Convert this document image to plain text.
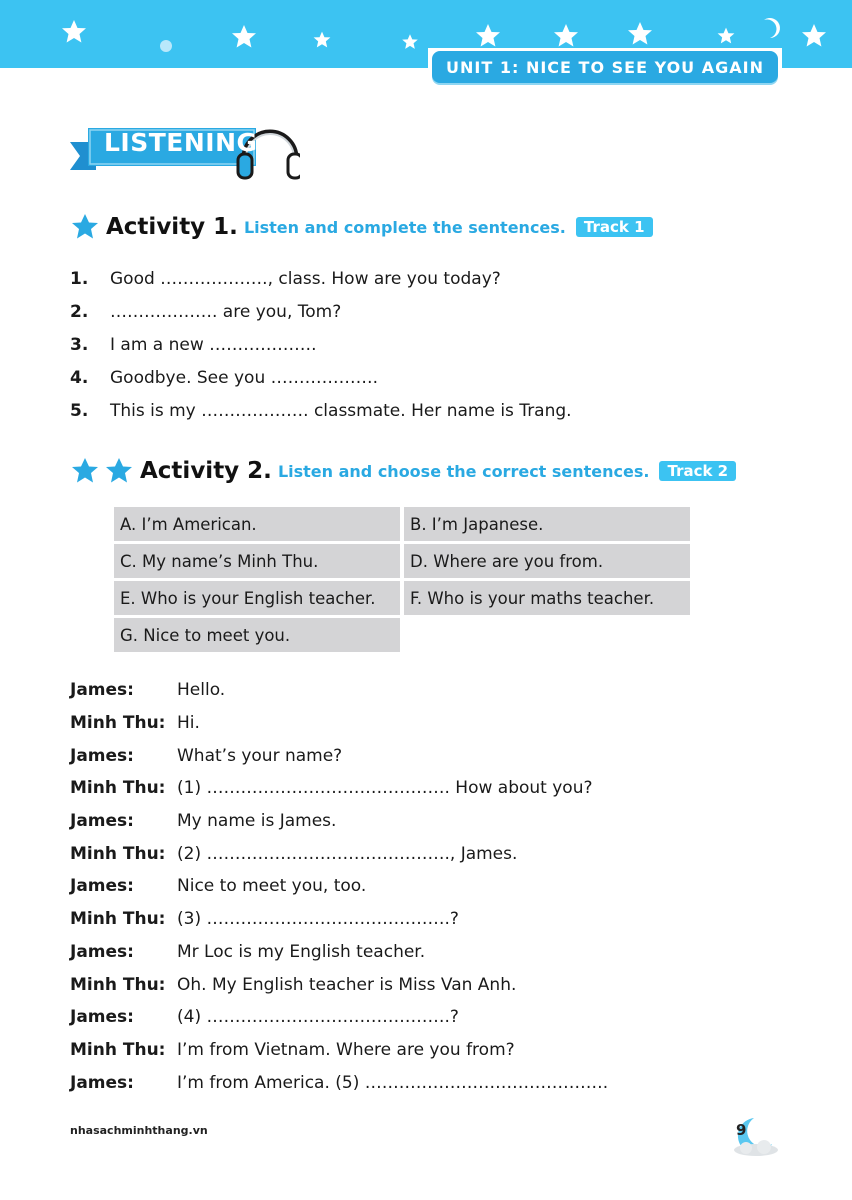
UNIT 1: NICE TO SEE YOU AGAIN
LISTENING
Activity 1. Listen and complete the sentences.	Track 1
1.	Good ………………., class. How are you today?
2.	………………. are you, Tom?
3.	I am a new ……………….
4.	Goodbye. See you ……………….
5.	This is my ………………. classmate. Her name is Trang.
Activity 2. Listen and choose the correct sentences.	Track 2
A. I’m American.	B. I’m Japanese.
C. My name’s Minh Thu.	D. Where are you from.
E. Who is your English teacher.	F. Who is your maths teacher.
G. Nice to meet you.
James:	Hello.
Minh Thu: Hi.
James:	What’s your name?
Minh Thu: (1) ……………………………………. How about you?
James:	My name is James.
Minh Thu: (2) ……………………………………., James.
James:	Nice to meet you, too.
Minh Thu: (3) …………………………………….?
James:	Mr Loc is my English teacher.
Minh Thu: Oh. My English teacher is Miss Van Anh.
James:	(4) …………………………………….?
Minh Thu: I’m from Vietnam. Where are you from?
James:	I’m from America. (5) …………………………………….
nhasachminhthang.vn	9
